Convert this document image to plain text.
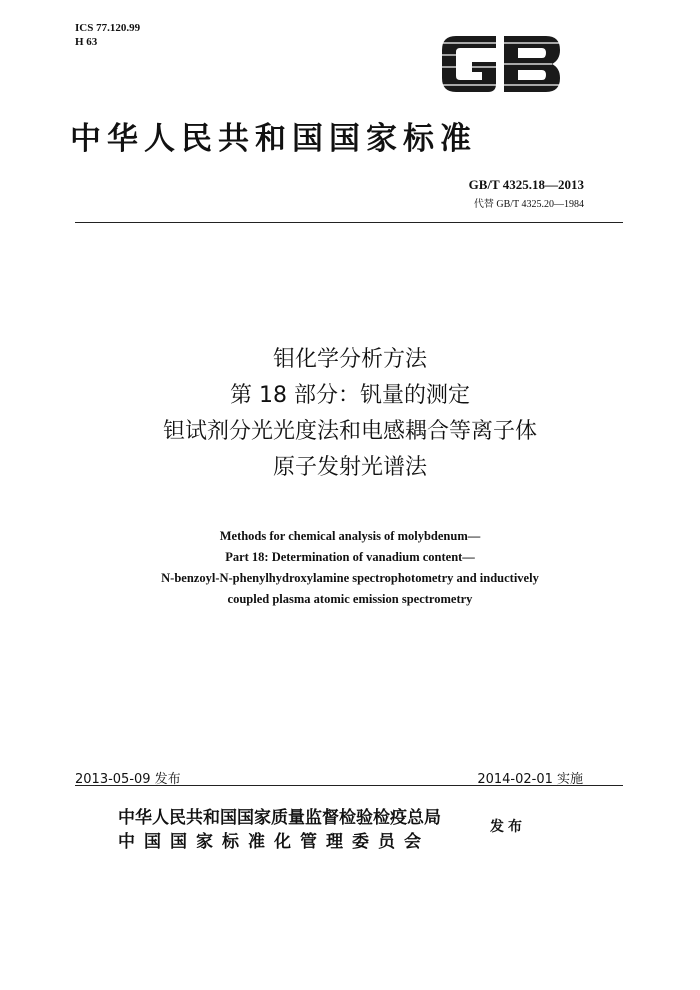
ICS 77.120.99
H 63
中华人民共和国国家标准
GB/T 4325.18—2013
代替 GB/T 4325.20—1984
钼化学分析方法
第 18 部分：钒量的测定
钽试剂分光光度法和电感耦合等离子体
原子发射光谱法
Methods for chemical analysis of molybdenum—
Part 18: Determination of vanadium content—
N-benzoyl-N-phenylhydroxylamine spectrophotometry and inductively
coupled plasma atomic emission spectrometry
2013-05-09 发布	2014-02-01 实施
中华人民共和国国家质量监督检验检疫总局
中国国家标准化管理委员会
发布
